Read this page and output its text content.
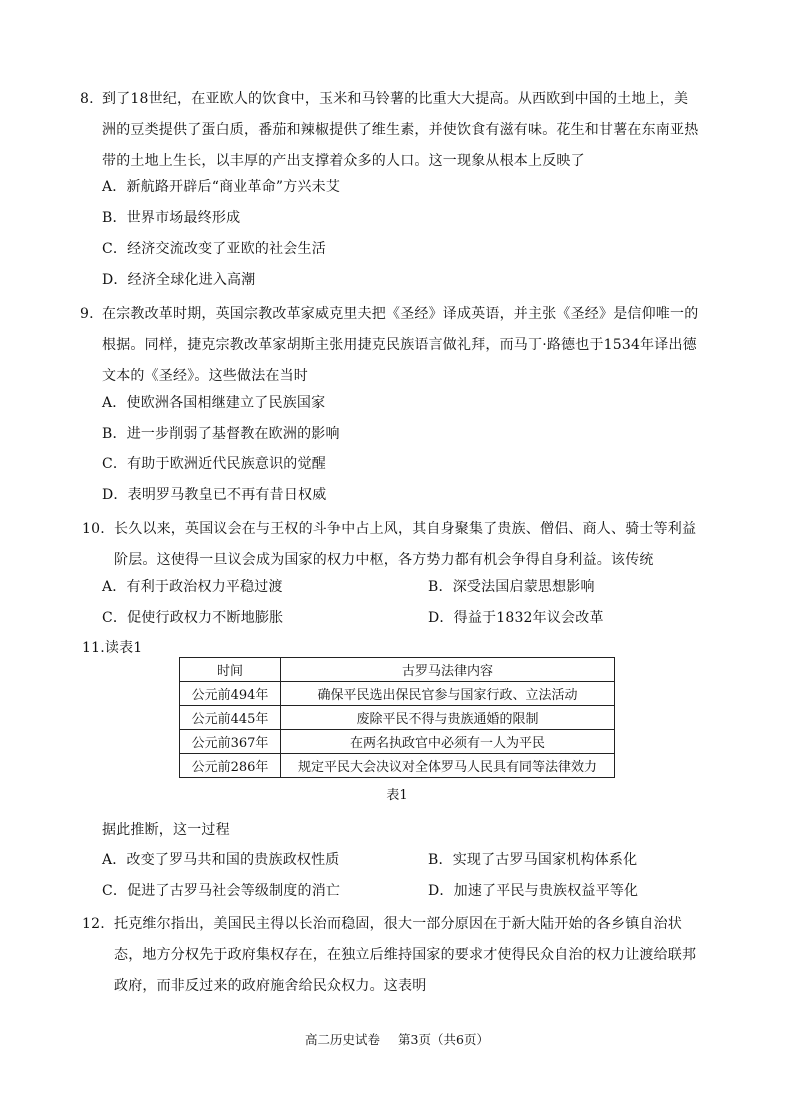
8. 到了18世纪，在亚欧人的饮食中，玉米和马铃薯的比重大大提高。从西欧到中国的土地上，美洲的豆类提供了蛋白质，番茄和辣椒提供了维生素，并使饮食有滋有味。花生和甘薯在东南亚热带的土地上生长，以丰厚的产出支撑着众多的人口。这一现象从根本上反映了

A．新航路开辟后“商业革命”方兴未艾

B．世界市场最终形成

C．经济交流改变了亚欧的社会生活

D．经济全球化进入高潮

9. 在宗教改革时期，英国宗教改革家威克里夫把《圣经》译成英语，并主张《圣经》是信仰唯一的根据。同样，捷克宗教改革家胡斯主张用捷克民族语言做礼拜，而马丁·路德也于1534年译出德文本的《圣经》。这些做法在当时

A．使欧洲各国相继建立了民族国家

B．进一步削弱了基督教在欧洲的影响

C．有助于欧洲近代民族意识的觉醒

D．表明罗马教皇已不再有昔日权威

10. 长久以来，英国议会在与王权的斗争中占上风，其自身聚集了贵族、僧侣、商人、骑士等利益阶层。这使得一旦议会成为国家的权力中枢，各方势力都有机会争得自身利益。该传统

A．有利于政治权力平稳过渡	B．深受法国启蒙思想影响

C．促使行政权力不断地膨胀	D．得益于1832年议会改革

11.读表1

时间	古罗马法律内容
公元前494年	确保平民选出保民官参与国家行政、立法活动
公元前445年	废除平民不得与贵族通婚的限制
公元前367年	在两名执政官中必须有一人为平民
公元前286年	规定平民大会决议对全体罗马人民具有同等法律效力
表1

据此推断，这一过程

A．改变了罗马共和国的贵族政权性质	B．实现了古罗马国家机构体系化

C．促进了古罗马社会等级制度的消亡	D．加速了平民与贵族权益平等化

12. 托克维尔指出，美国民主得以长治而稳固，很大一部分原因在于新大陆开始的各乡镇自治状态，地方分权先于政府集权存在，在独立后维持国家的要求才使得民众自治的权力让渡给联邦政府，而非反过来的政府施舍给民众权力。这表明

高二历史试卷 第3页（共6页）
